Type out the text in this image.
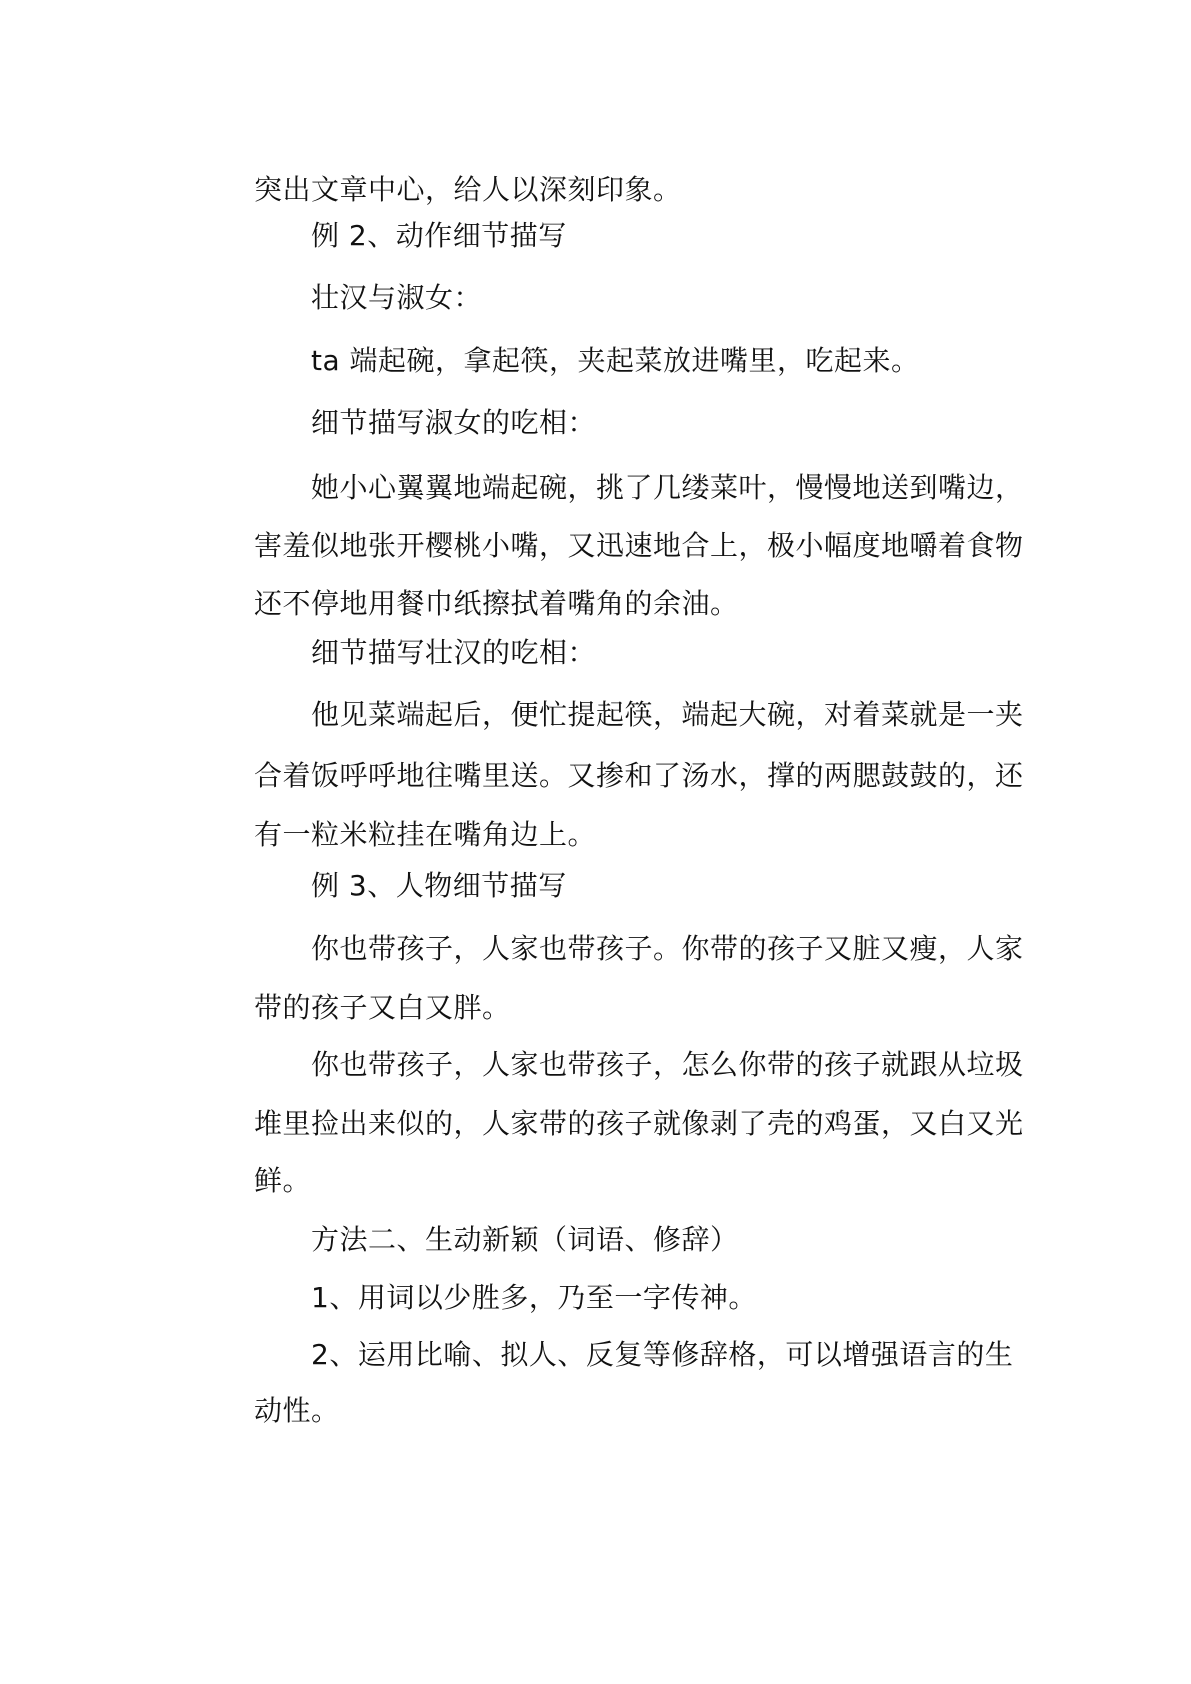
突出文章中心，给人以深刻印象。
例 2、动作细节描写
壮汉与淑女：
ta 端起碗，拿起筷，夹起菜放进嘴里，吃起来。
细节描写淑女的吃相：
她小心翼翼地端起碗，挑了几缕菜叶，慢慢地送到嘴边，
害羞似地张开樱桃小嘴，又迅速地合上，极小幅度地嚼着食物
还不停地用餐巾纸擦拭着嘴角的余油。
细节描写壮汉的吃相：
他见菜端起后，便忙提起筷，端起大碗，对着菜就是一夹
合着饭呼呼地往嘴里送。又掺和了汤水，撑的两腮鼓鼓的，还
有一粒米粒挂在嘴角边上。
例 3、人物细节描写
你也带孩子，人家也带孩子。你带的孩子又脏又瘦，人家
带的孩子又白又胖。
你也带孩子，人家也带孩子，怎么你带的孩子就跟从垃圾
堆里捡出来似的，人家带的孩子就像剥了壳的鸡蛋，又白又光
鲜。
方法二、生动新颖（词语、修辞）
1、用词以少胜多，乃至一字传神。
2、运用比喻、拟人、反复等修辞格，可以增强语言的生
动性。
